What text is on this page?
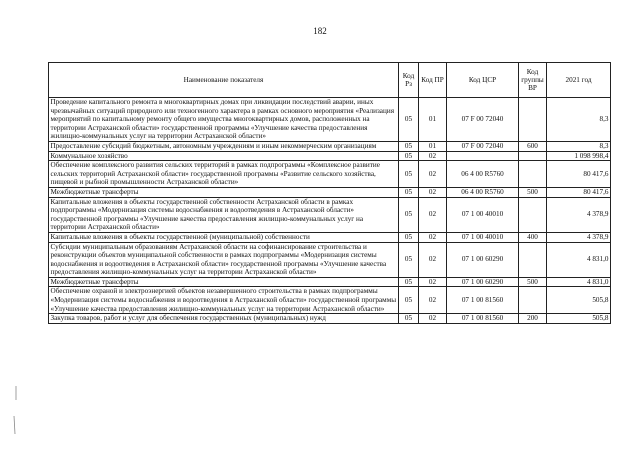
182
Наименование показателя	Код Рз	Код ПР	Код ЦСР	Код группы ВР	2021 год
Проведение капитального ремонта в многоквартирных домах при ликвидации последствий аварии, иных чрезвычайных ситуаций природного или техногенного характера в рамках основного мероприятия «Реализация мероприятий по капитальному ремонту общего имущества многоквартирных домов, расположенных на территории Астраханской области» государственной программы «Улучшение качества предоставления жилищно-коммунальных услуг на территории Астраханской области»	05	01	07 F 00 72040		8,3
Предоставление субсидий бюджетным, автономным учреждениям и иным некоммерческим организациям	05	01	07 F 00 72040	600	8,3
Коммунальное хозяйство	05	02			1 098 998,4
Обеспечение комплексного развития сельских территорий в рамках подпрограммы «Комплексное развитие сельских территорий Астраханской области» государственной программы «Развитие сельского хозяйства, пищевой и рыбной промышленности Астраханской области»	05	02	06 4 00 R5760		80 417,6
Межбюджетные трансферты	05	02	06 4 00 R5760	500	80 417,6
Капитальные вложения в объекты государственной собственности Астраханской области в рамках подпрограммы «Модернизация системы водоснабжения и водоотведения в Астраханской области» государственной программы «Улучшение качества предоставления жилищно-коммунальных услуг на территории Астраханской области»	05	02	07 1 00 40010		4 378,9
Капитальные вложения в объекты государственной (муниципальной) собственности	05	02	07 1 00 40010	400	4 378,9
Субсидии муниципальным образованиям Астраханской области на софинансирование строительства и реконструкции объектов муниципальной собственности в рамках подпрограммы «Модернизация системы водоснабжения и водоотведения в Астраханской области» государственной программы «Улучшение качества предоставления жилищно-коммунальных услуг на территории Астраханской области»	05	02	07 1 00 60290		4 831,0
Межбюджетные трансферты	05	02	07 1 00 60290	500	4 831,0
Обеспечение охраной и электроэнергией объектов незавершенного строительства в рамках подпрограммы «Модернизация системы водоснабжения и водоотведения в Астраханской области» государственной программы «Улучшение качества предоставления жилищно-коммунальных услуг на территории Астраханской области»	05	02	07 1 00 81560		505,8
Закупка товаров, работ и услуг для обеспечения государственных (муниципальных) нужд	05	02	07 1 00 81560	200	505,8
